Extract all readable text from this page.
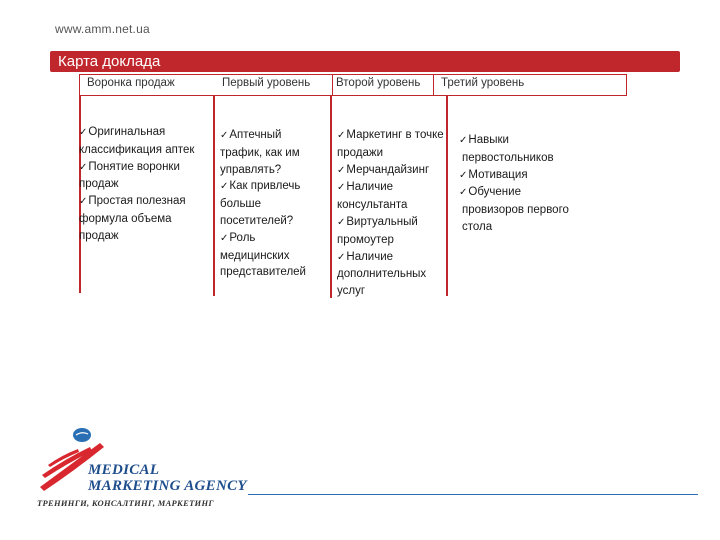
www.amm.net.ua
Карта доклада
Воронка продаж	Первый уровень Второй уровень Третий уровень
✓Оригинальная
классификация аптек
✓Понятие воронки
продаж
✓Простая полезная
формула объема
продаж
✓Аптечный
трафик, как им
управлять?
✓Как привлечь
больше
посетителей?
✓Роль
медицинских
представителей
✓Маркетинг в точке
продажи
✓Мерчандайзинг
✓Наличие
консультанта
✓Виртуальный
промоутер
✓Наличие
дополнительных
услуг
✓Навыки
первостольников
✓Мотивация
✓Обучение
провизоров первого
стола
MEDICAL
MARKETING AGENCY
ТРЕНИНГИ, КОНСАЛТИНГ, МАРКЕТИНГ
